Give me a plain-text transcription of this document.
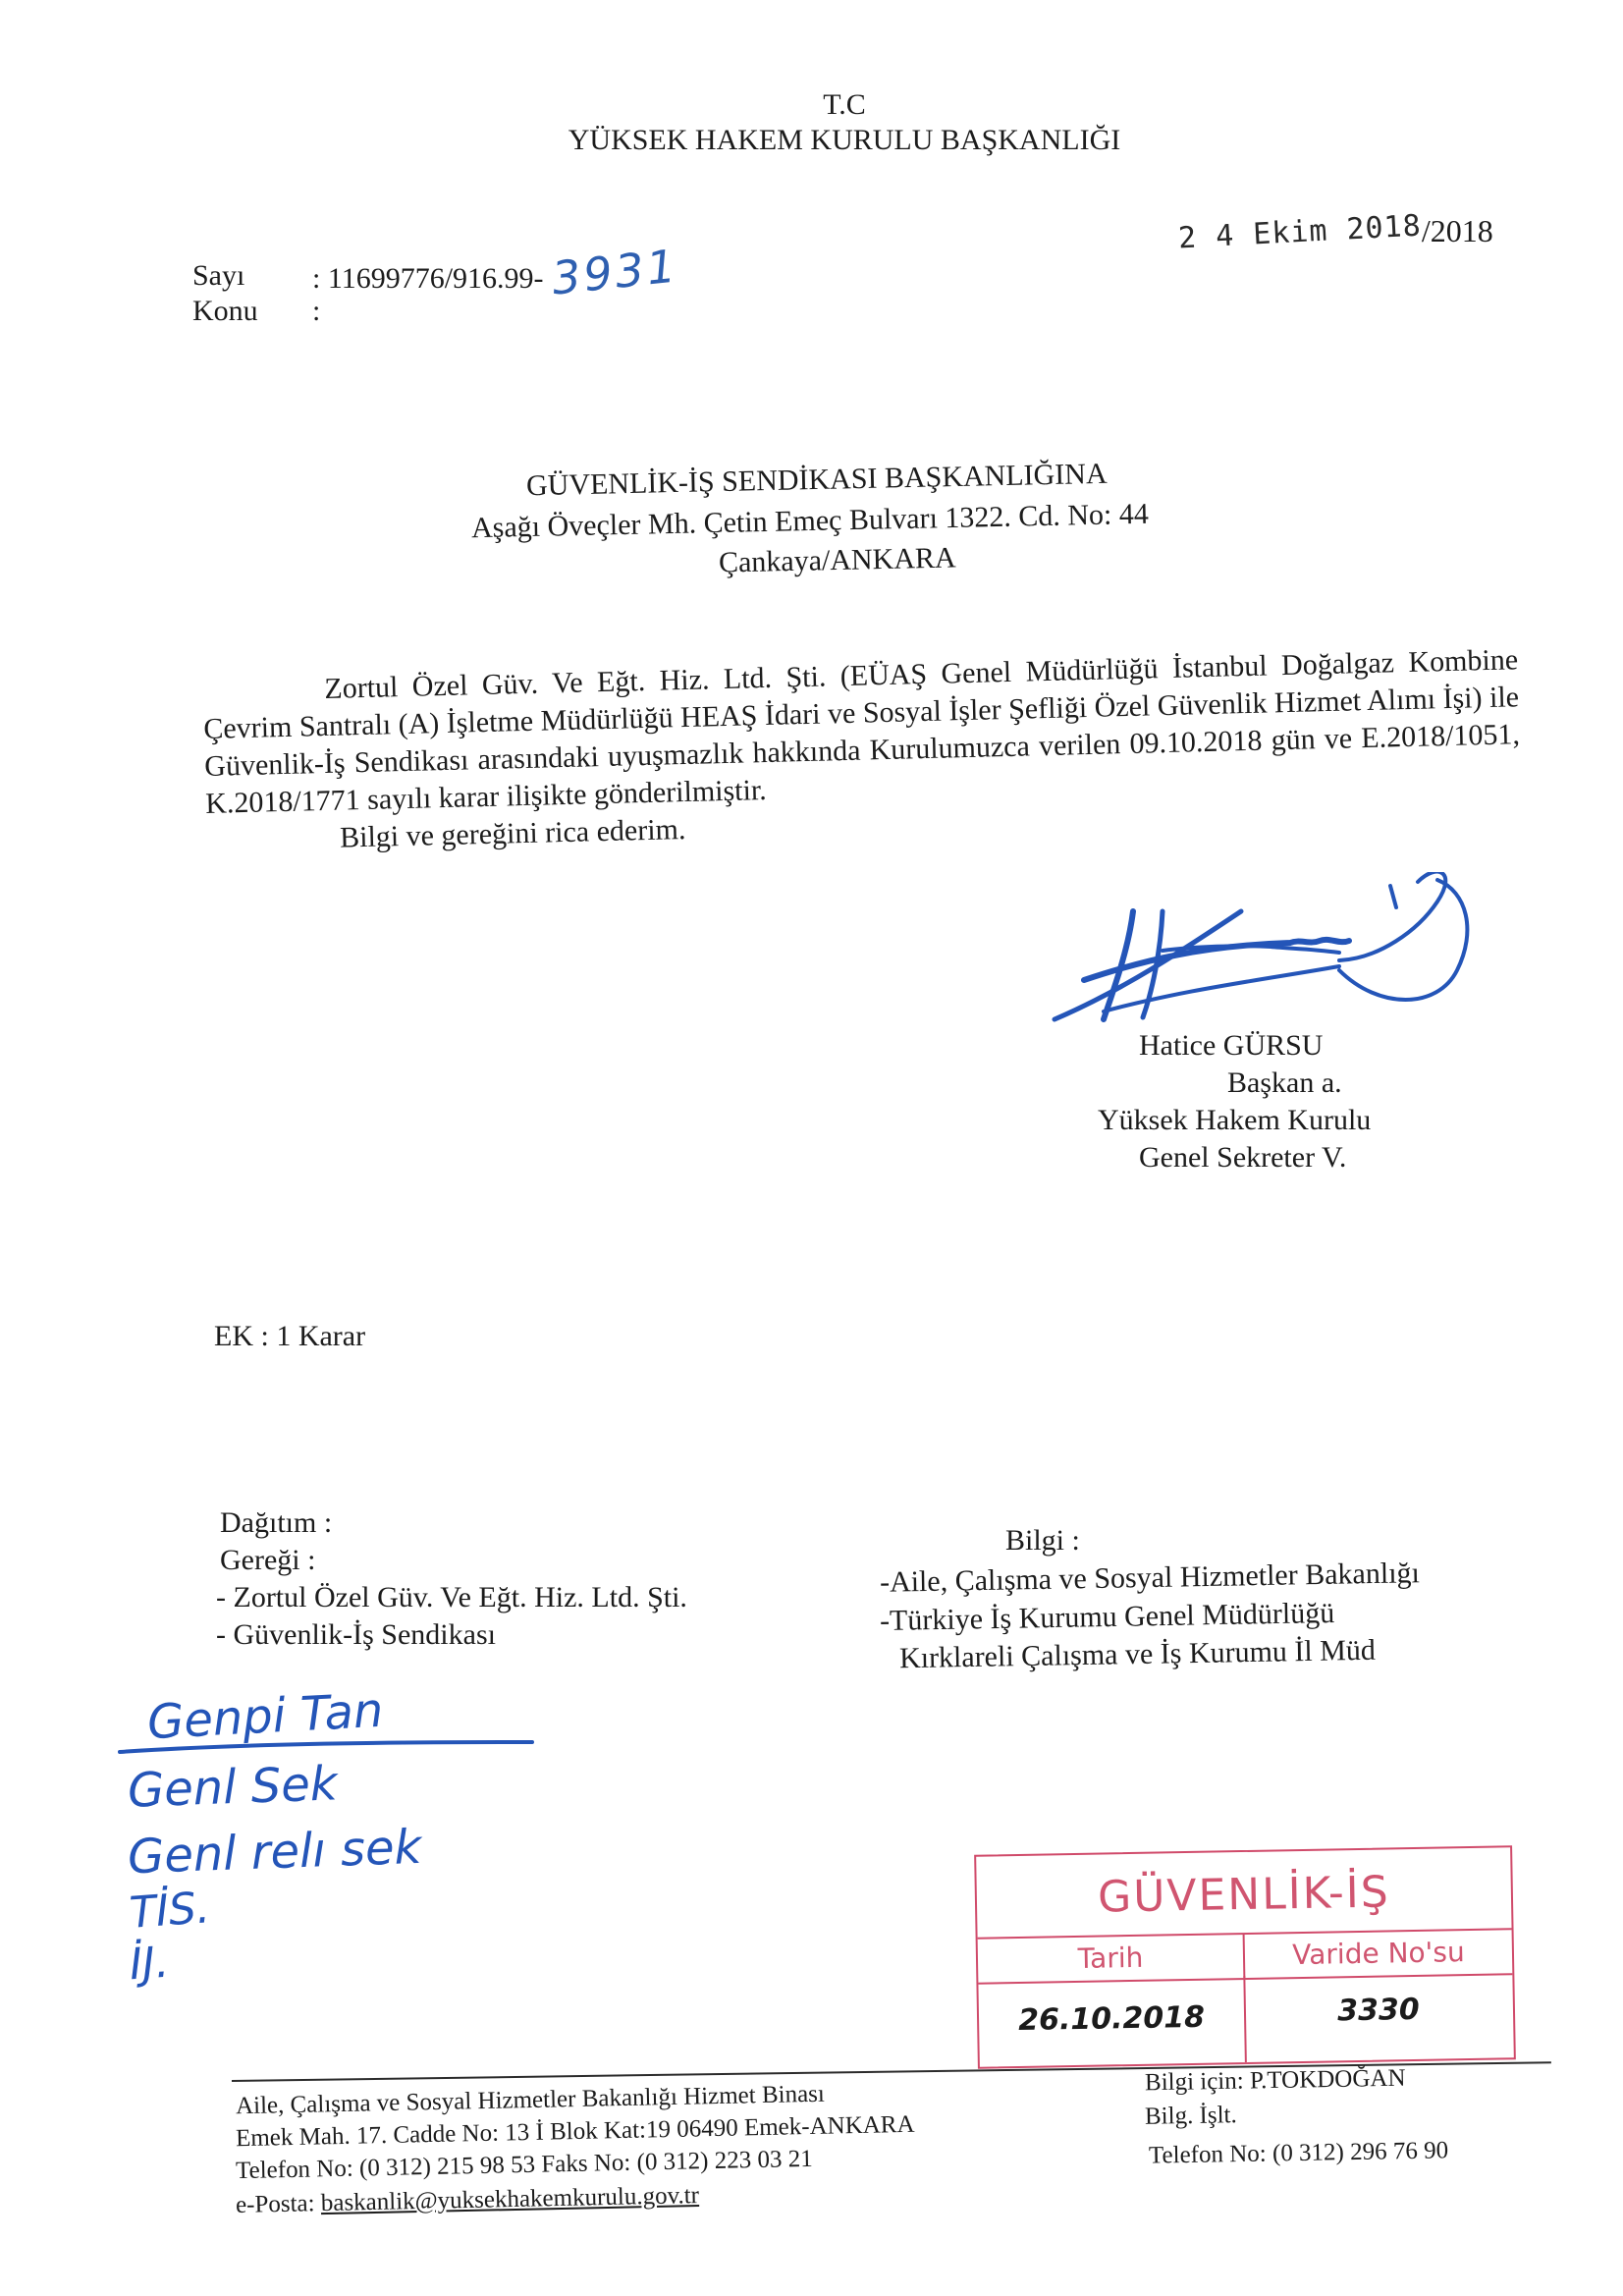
T.C
YÜKSEK HAKEM KURULU BAŞKANLIĞI
2 4 Ekim 2018/2018
Sayı : 11699776/916.99- 3931
Konu :
GÜVENLİK-İŞ SENDİKASI BAŞKANLIĞINA
Aşağı Öveçler Mh. Çetin Emeç Bulvarı 1322. Cd. No: 44
Çankaya/ANKARA

Zortul Özel Güv. Ve Eğt. Hiz. Ltd. Şti. (EÜAŞ Genel Müdürlüğü İstanbul Doğalgaz Kombine Çevrim Santralı (A) İşletme Müdürlüğü HEAŞ İdari ve Sosyal İşler Şefliği Özel Güvenlik Hizmet Alımı İşi) ile Güvenlik-İş Sendikası arasındaki uyuşmazlık hakkında Kurulumuzca verilen 09.10.2018 gün ve E.2018/1051, K.2018/1771 sayılı karar ilişikte gönderilmiştir.

Bilgi ve gereğini rica ederim.

Hatice GÜRSU
Başkan a.
Yüksek Hakem Kurulu
Genel Sekreter V.
EK : 1 Karar
Dağıtım :
Gereği :
- Zortul Özel Güv. Ve Eğt. Hiz. Ltd. Şti.
- Güvenlik-İş Sendikası
Bilgi :
-Aile, Çalışma ve Sosyal Hizmetler Bakanlığı
-Türkiye İş Kurumu Genel Müdürlüğü
Kırklareli Çalışma ve İş Kurumu İl Müd
Genpi Tan
Genl Sek
Genl relı sek
TİS.
İJ.
GÜVENLİK-İŞ
Tarih	Varide No'su
26.10.2018	3330
Aile, Çalışma ve Sosyal Hizmetler Bakanlığı Hizmet Binası
Emek Mah. 17. Cadde No: 13 İ Blok Kat:19 06490 Emek-ANKARA
Telefon No: (0 312) 215 98 53 Faks No: (0 312) 223 03 21
e-Posta: baskanlik@yuksekhakemkurulu.gov.tr
Bilgi için: P.TOKDOĞAN
Bilg. İşlt.
Telefon No: (0 312) 296 76 90
